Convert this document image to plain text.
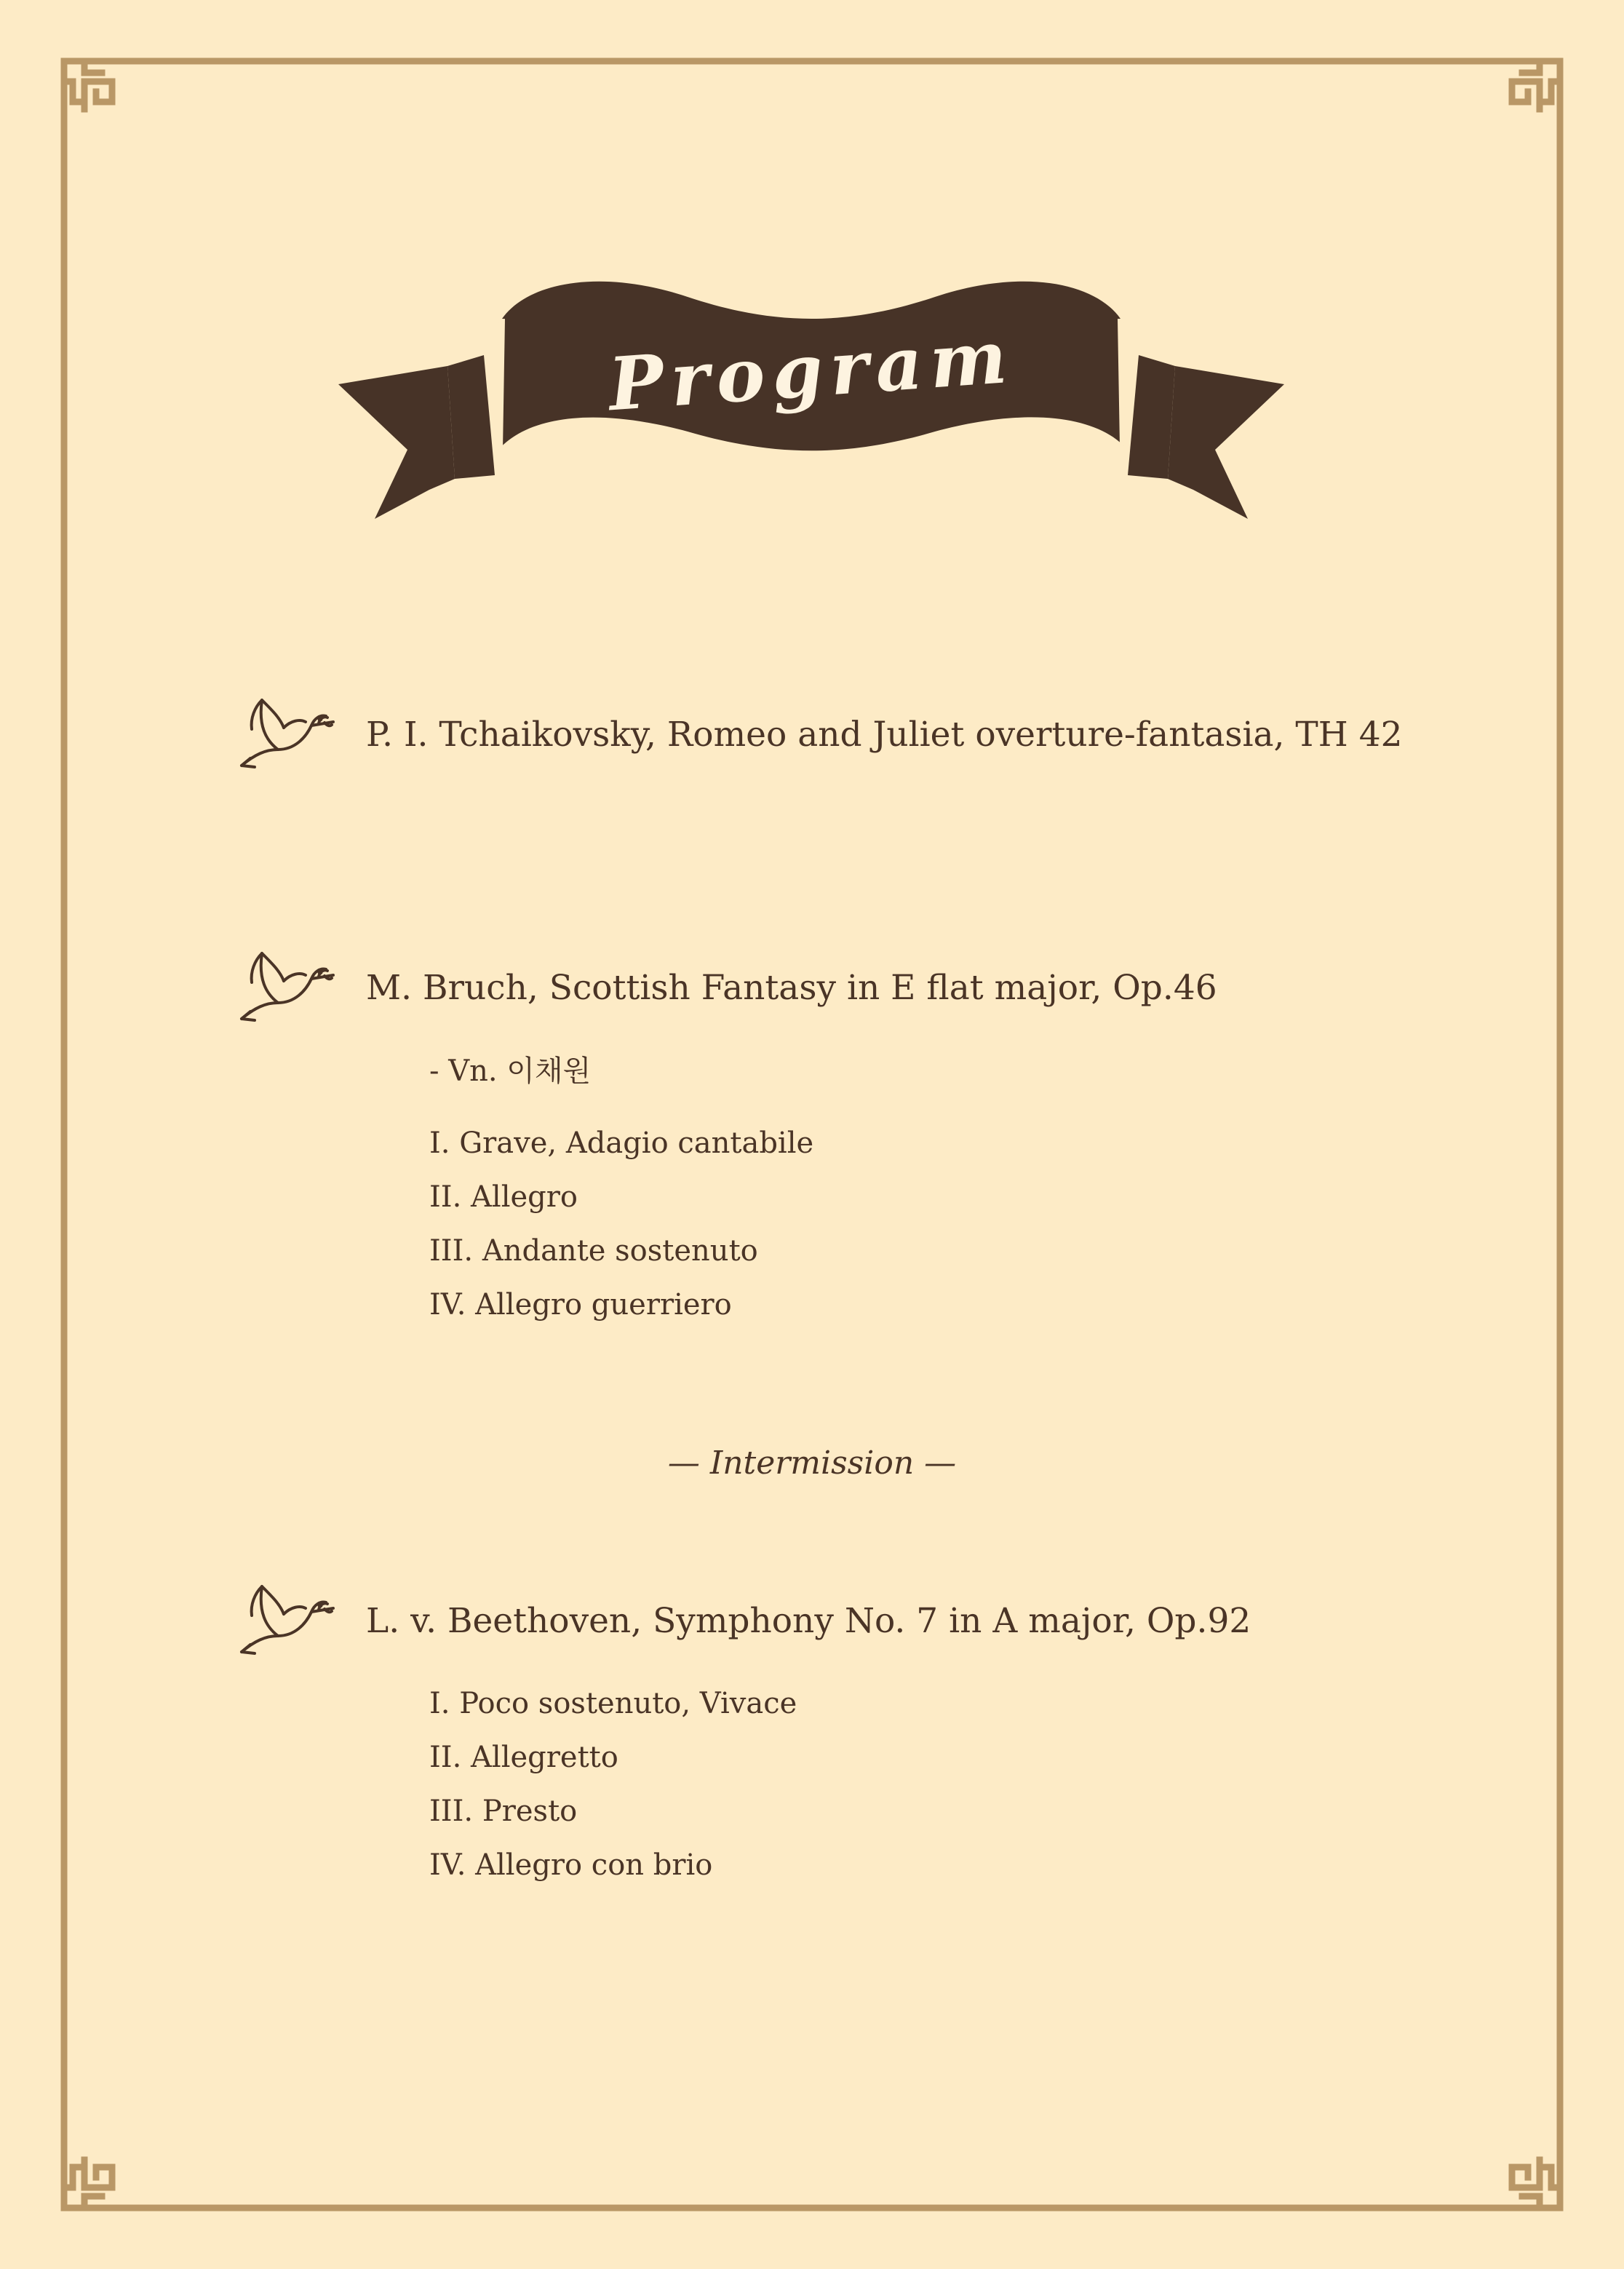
Program
P. I. Tchaikovsky, Romeo and Juliet overture-fantasia, TH 42
M. Bruch, Scottish Fantasy in E flat major, Op.46
- Vn. 이채원
I. Grave, Adagio cantabile
II. Allegro
III. Andante sostenuto
IV. Allegro guerriero
— Intermission —
L. v. Beethoven, Symphony No. 7 in A major, Op.92
I. Poco sostenuto, Vivace
II. Allegretto
III. Presto
IV. Allegro con brio
